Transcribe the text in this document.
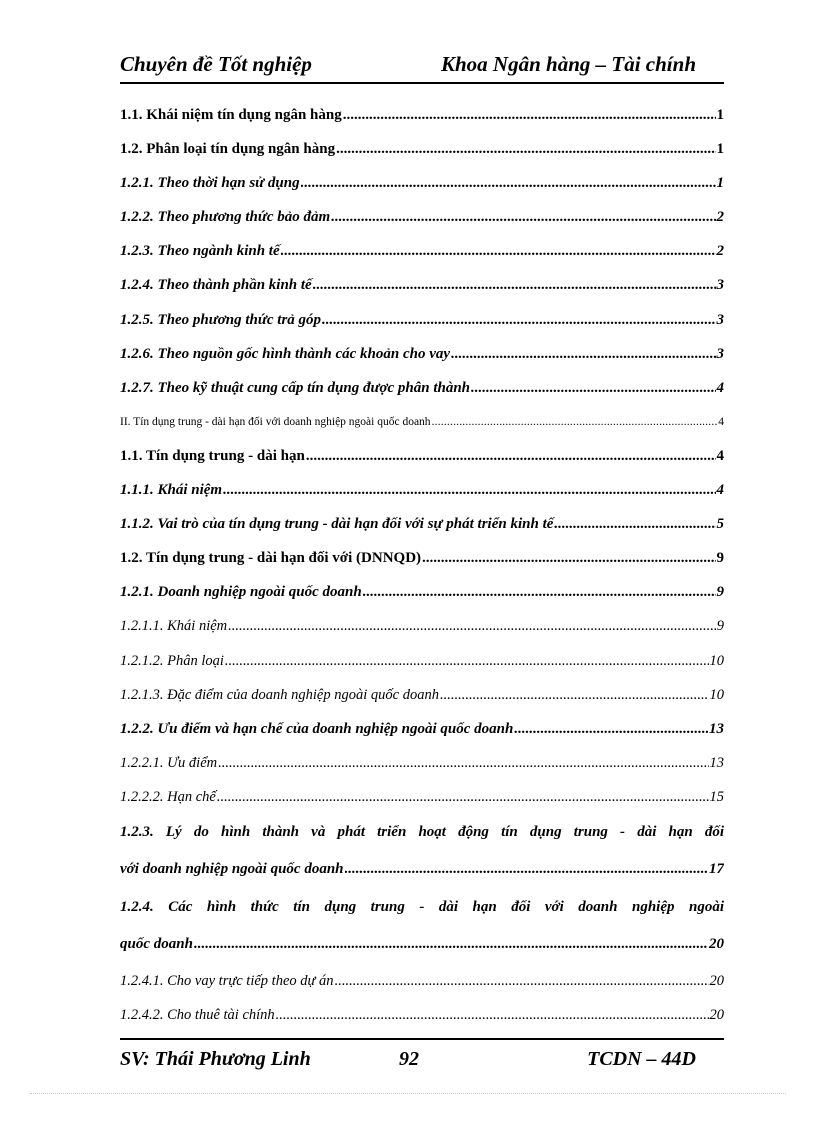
Chuyên đề Tốt nghiệp	Khoa Ngân hàng – Tài chính
1.1. Khái niệm tín dụng ngân hàng .....	1
1.2. Phân loại tín dụng ngân hàng .....	1
1.2.1. Theo thời hạn sử dụng .....	1
1.2.2. Theo phương thức bảo đảm .....	2
1.2.3. Theo ngành kinh tế .....	2
1.2.4. Theo thành phần kinh tế .....	3
1.2.5. Theo phương thức trả góp .....	3
1.2.6. Theo nguồn gốc hình thành các khoản cho vay .....	3
1.2.7. Theo kỹ thuật cung cấp tín dụng được phân thành .....	4
II. Tín dụng trung - dài hạn đối với doanh nghiệp ngoài quốc doanh .....	4
1.1. Tín dụng trung - dài hạn .....	4
1.1.1. Khái niệm .....	4
1.1.2. Vai trò của tín dụng trung - dài hạn đối với sự phát triển kinh tế .....	5
1.2. Tín dụng trung - dài hạn đối với (DNNQD) .....	9
1.2.1. Doanh nghiệp ngoài quốc doanh .....	9
1.2.1.1. Khái niệm .....	9
1.2.1.2. Phân loại .....	10
1.2.1.3. Đặc điểm của doanh nghiệp ngoài quốc doanh .....	10
1.2.2. Ưu điểm và hạn chế của doanh nghiệp ngoài quốc doanh .....	13
1.2.2.1. Ưu điểm .....	13
1.2.2.2. Hạn chế .....	15
1.2.3. Lý do hình thành và phát triển hoạt động tín dụng trung - dài hạn đối
với doanh nghiệp ngoài quốc doanh .....	17
1.2.4. Các hình thức tín dụng trung - dài hạn đối với doanh nghiệp ngoài
quốc doanh .....	20
1.2.4.1. Cho vay trực tiếp theo dự án .....	20
1.2.4.2. Cho thuê tài chính .....	20
SV: Thái Phương Linh	92	TCDN – 44D
